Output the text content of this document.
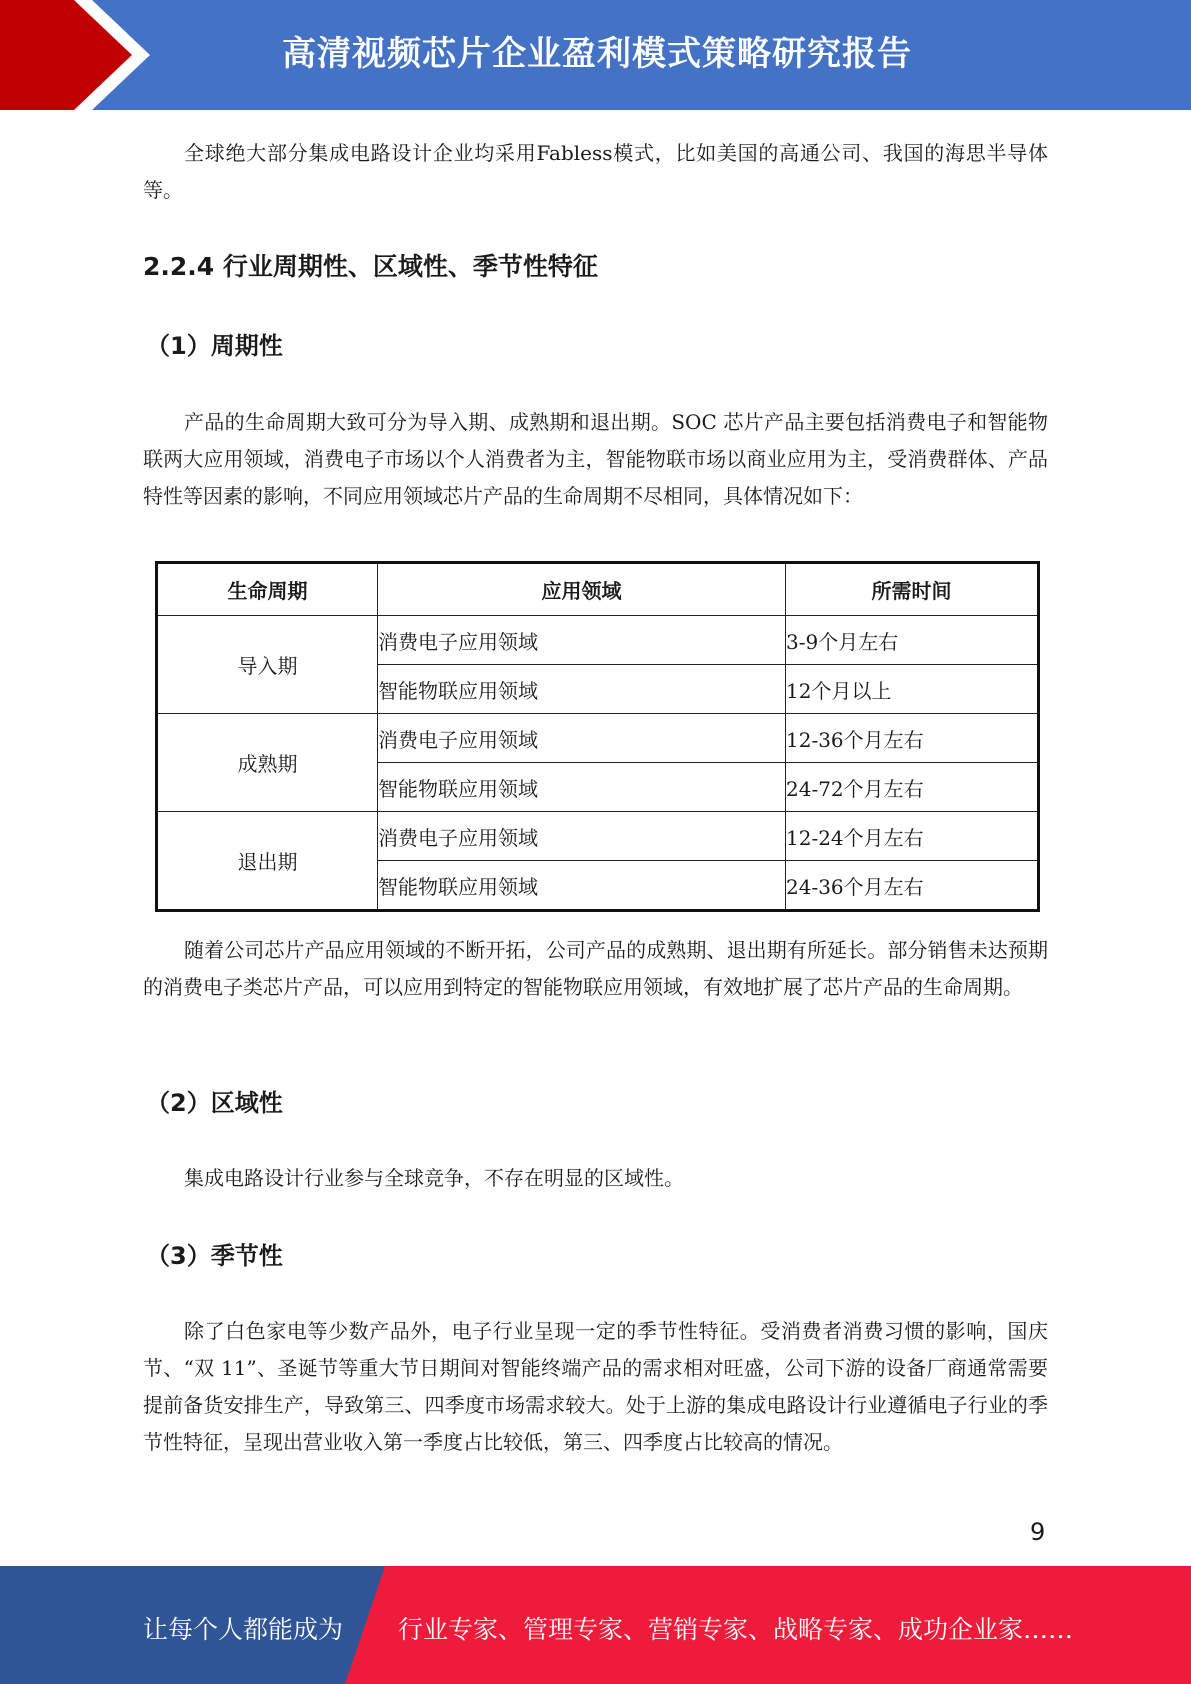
高清视频芯片企业盈利模式策略研究报告

全球绝大部分集成电路设计企业均采用Fabless模式，比如美国的高通公司、我国的海思半导体等。

2.2.4 行业周期性、区域性、季节性特征
（1）周期性

产品的生命周期大致可分为导入期、成熟期和退出期。SOC 芯片产品主要包括消费电子和智能物联两大应用领域，消费电子市场以个人消费者为主，智能物联市场以商业应用为主，受消费群体、产品特性等因素的影响，不同应用领域芯片产品的生命周期不尽相同，具体情况如下：

生命周期	应用领域	所需时间
导入期	消费电子应用领域	3-9个月左右
	智能物联应用领域	12个月以上
成熟期	消费电子应用领域	12-36个月左右
	智能物联应用领域	24-72个月左右
退出期	消费电子应用领域	12-24个月左右
	智能物联应用领域	24-36个月左右

随着公司芯片产品应用领域的不断开拓，公司产品的成熟期、退出期有所延长。部分销售未达预期的消费电子类芯片产品，可以应用到特定的智能物联应用领域，有效地扩展了芯片产品的生命周期。

（2）区域性

集成电路设计行业参与全球竞争，不存在明显的区域性。

（3）季节性

除了白色家电等少数产品外，电子行业呈现一定的季节性特征。受消费者消费习惯的影响，国庆节、“双 11”、圣诞节等重大节日期间对智能终端产品的需求相对旺盛，公司下游的设备厂商通常需要提前备货安排生产，导致第三、四季度市场需求较大。处于上游的集成电路设计行业遵循电子行业的季节性特征，呈现出营业收入第一季度占比较低，第三、四季度占比较高的情况。

9
让每个人都能成为 行业专家、管理专家、营销专家、战略专家、成功企业家……
